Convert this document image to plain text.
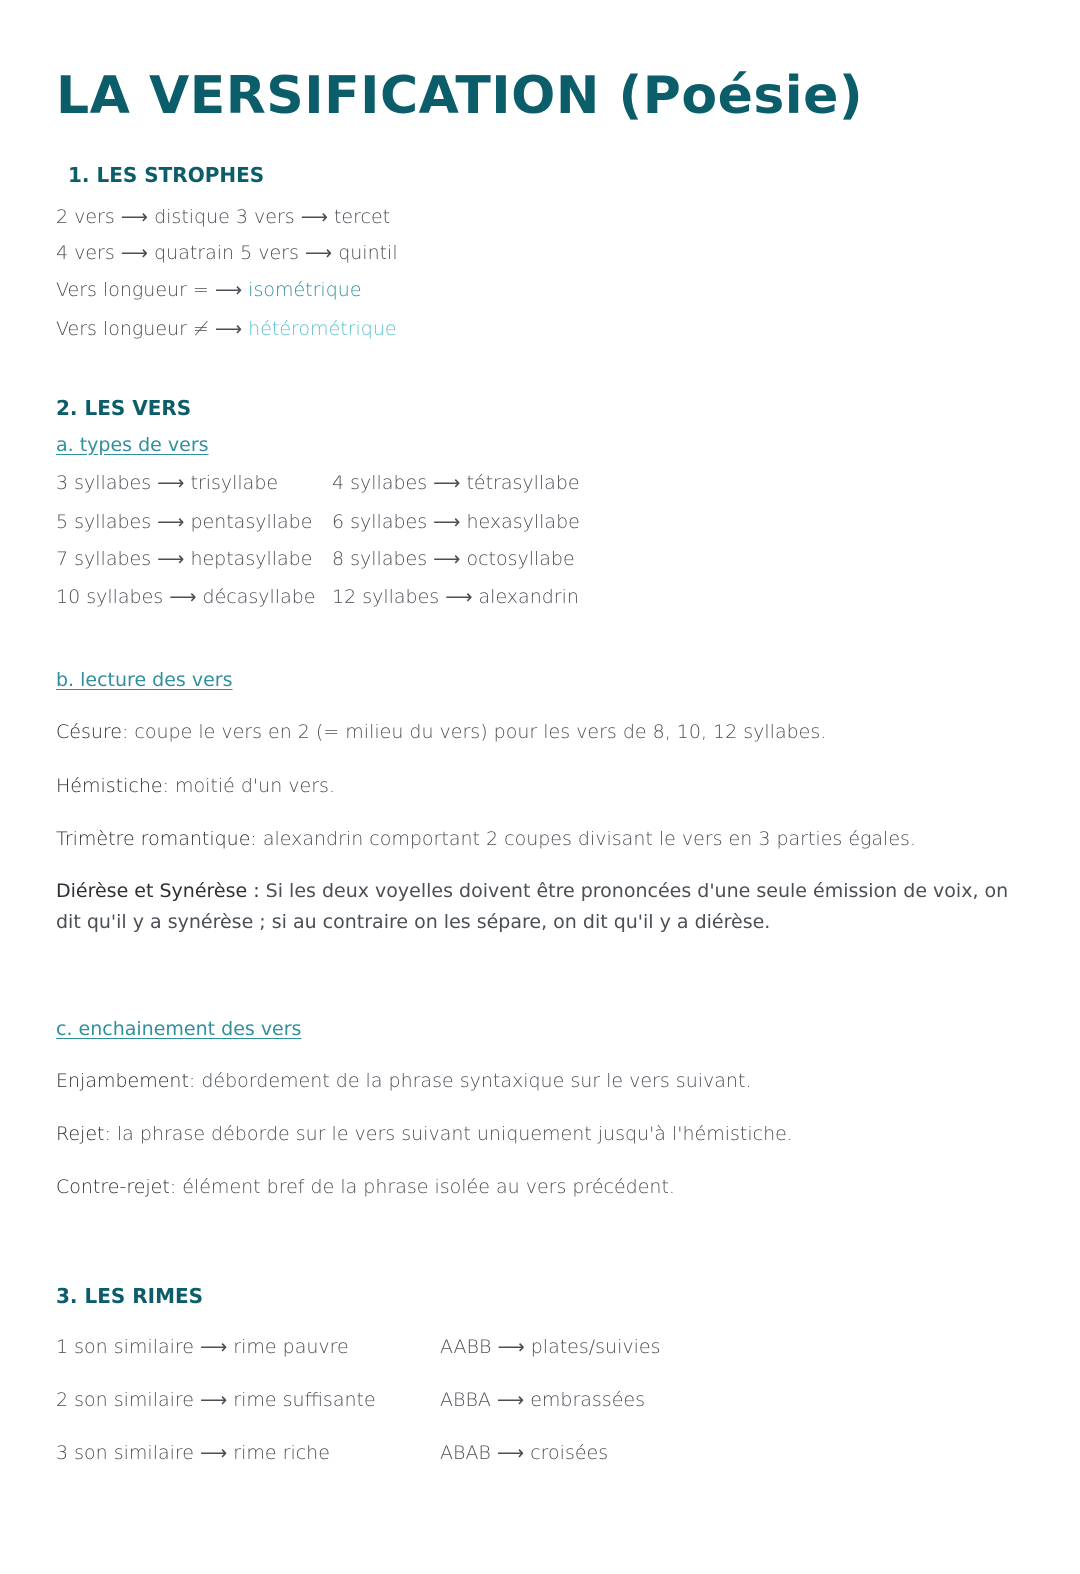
LA VERSIFICATION (Poésie)
1. LES STROPHES
2 vers ⟶ distique 3 vers ⟶ tercet
4 vers ⟶ quatrain 5 vers ⟶ quintil
Vers longueur = ⟶ isométrique
Vers longueur ≠ ⟶ hétérométrique
2. LES VERS
a. types de vers
3 syllabes ⟶ trisyllabe
5 syllabes ⟶ pentasyllabe
7 syllabes ⟶ heptasyllabe
10 syllabes ⟶ décasyllabe
4 syllabes ⟶ tétrasyllabe
6 syllabes ⟶ hexasyllabe
8 syllabes ⟶ octosyllabe
12 syllabes ⟶ alexandrin
b. lecture des vers
Césure: coupe le vers en 2 (= milieu du vers) pour les vers de 8, 10, 12 syllabes.
Hémistiche: moitié d'un vers.
Trimètre romantique: alexandrin comportant 2 coupes divisant le vers en 3 parties égales.
Diérèse et Synérèse : Si les deux voyelles doivent être prononcées d'une seule émission de voix, on dit qu'il y a synérèse ; si au contraire on les sépare, on dit qu'il y a diérèse.
c. enchainement des vers
Enjambement: débordement de la phrase syntaxique sur le vers suivant.
Rejet: la phrase déborde sur le vers suivant uniquement jusqu'à l'hémistiche.
Contre-rejet: élément bref de la phrase isolée au vers précédent.
3. LES RIMES
1 son similaire ⟶ rime pauvre
2 son similaire ⟶ rime suffisante
3 son similaire ⟶ rime riche
AABB ⟶ plates/suivies
ABBA ⟶ embrassées
ABAB ⟶ croisées
